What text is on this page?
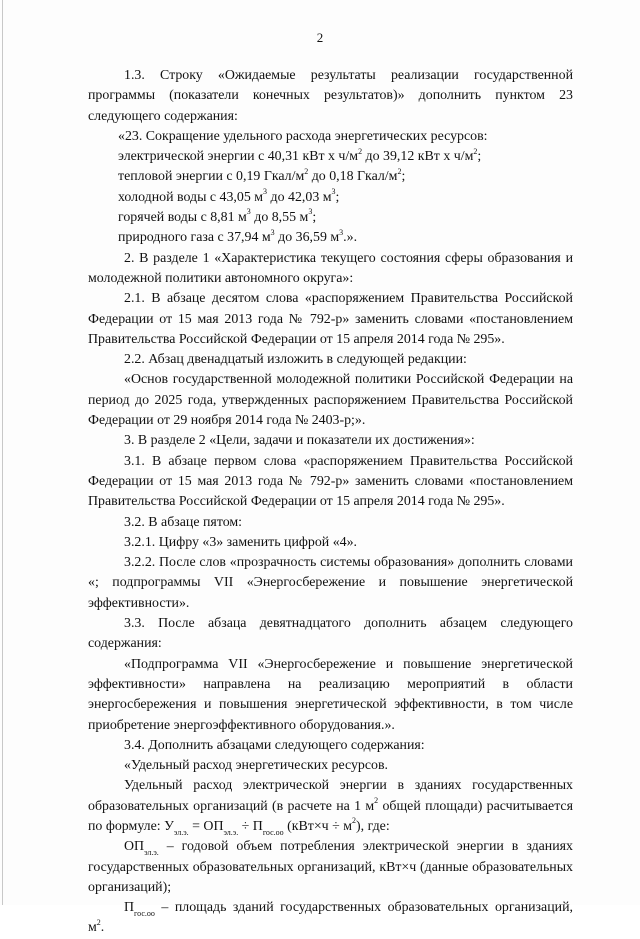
2

1.3. Строку «Ожидаемые результаты реализации государственной программы (показатели конечных результатов)» дополнить пунктом 23 следующего содержания:

«23. Сокращение удельного расхода энергетических ресурсов:

электрической энергии с 40,31 кВт х $ч/м^2$ до 39,12 кВт х $ч/м^2$;

тепловой энергии с 0,19 Гкал/$м^2$ до 0,18 Гкал/$м^2$;

холодной воды с 43,05 $м^3$ до 42,03 $м^3$;

горячей воды с 8,81 $м^3$ до 8,55 $м^3$;

природного газа с 37,94 $м^3$ до 36,59 $м^3$.».

2. В разделе 1 «Характеристика текущего состояния сферы образования и молодежной политики автономного округа»:

2.1. В абзаце десятом слова «распоряжением Правительства Российской Федерации от 15 мая 2013 года № 792-р» заменить словами «постановлением Правительства Российской Федерации от 15 апреля 2014 года № 295».

2.2. Абзац двенадцатый изложить в следующей редакции:

«Основ государственной молодежной политики Российской Федерации на период до 2025 года, утвержденных распоряжением Правительства Российской Федерации от 29 ноября 2014 года № 2403-р;».

3. В разделе 2 «Цели, задачи и показатели их достижения»:

3.1. В абзаце первом слова «распоряжением Правительства Российской Федерации от 15 мая 2013 года № 792-р» заменить словами «постановлением Правительства Российской Федерации от 15 апреля 2014 года № 295».

3.2. В абзаце пятом:

3.2.1. Цифру «3» заменить цифрой «4».

3.2.2. После слов «прозрачность системы образования» дополнить словами «; подпрограммы VII «Энергосбережение и повышение энергетической эффективности».

3.3. После абзаца девятнадцатого дополнить абзацем следующего содержания:

«Подпрограмма VII «Энергосбережение и повышение энергетической эффективности» направлена на реализацию мероприятий в области энергосбережения и повышения энергетической эффективности, в том числе приобретение энергоэффективного оборудования.».

3.4. Дополнить абзацами следующего содержания:

«Удельный расход энергетических ресурсов.

Удельный расход электрической энергии в зданиях государственных образовательных организаций (в расчете на 1 $м^2$ общей площади) расчитывается по формуле: $У_{эл.э.} = ОП_{эл.э.} \div П_{гос.оо}$ $(кВт\times ч \div м^2)$, где:

$ОП_{эл.э.}$ – годовой объем потребления электрической энергии в зданиях государственных образовательных организаций, кВт×ч (данные образовательных организаций);

$П_{гос.оо}$ – площадь зданий государственных образовательных организаций, $м^2$.
